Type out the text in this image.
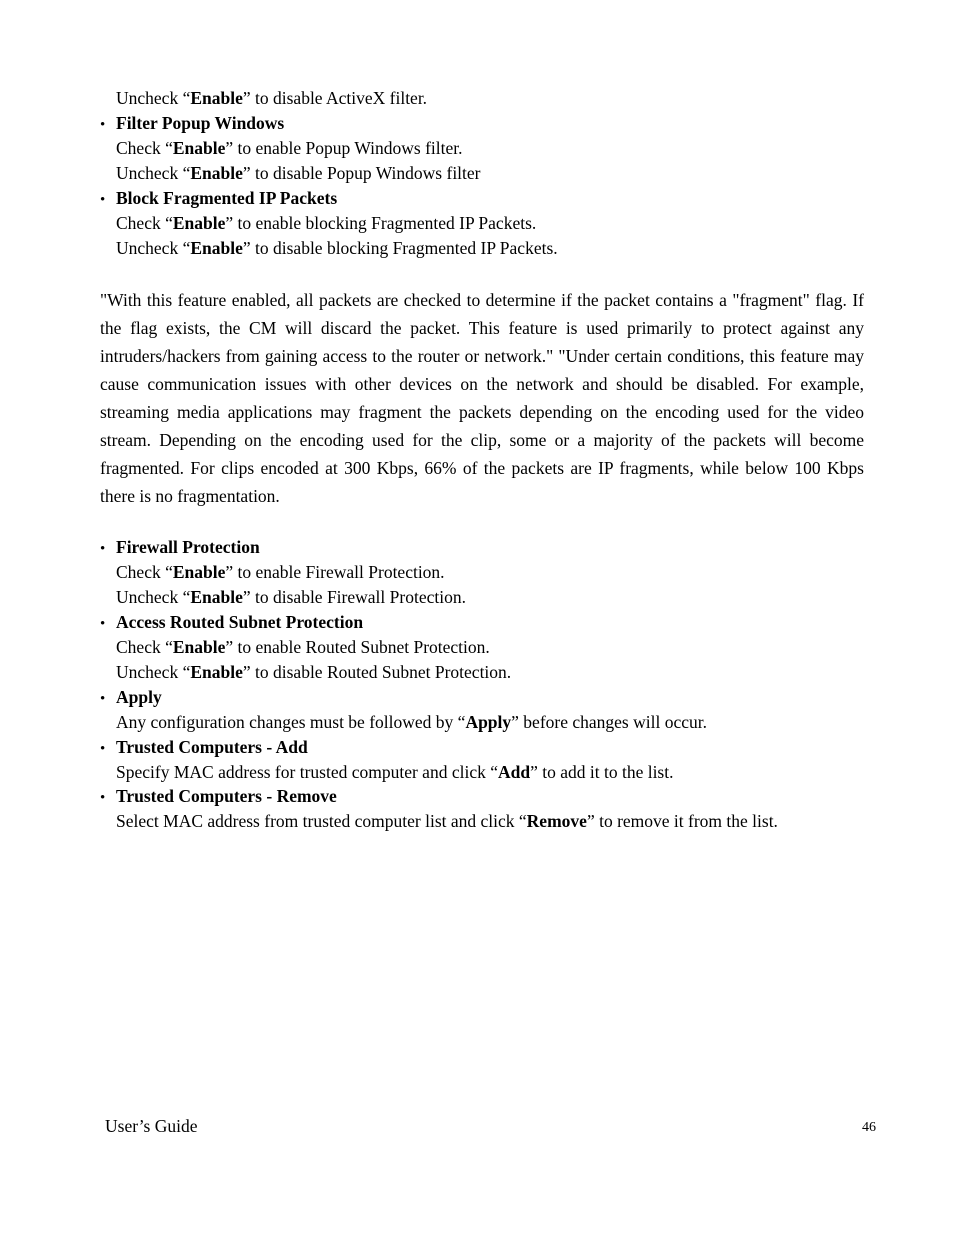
Uncheck “Enable” to disable ActiveX filter.
• Filter Popup Windows
Check “Enable” to enable Popup Windows filter.
Uncheck “Enable” to disable Popup Windows filter
• Block Fragmented IP Packets
Check “Enable” to enable blocking Fragmented IP Packets.
Uncheck “Enable” to disable blocking Fragmented IP Packets.
"With this feature enabled, all packets are checked to determine if the packet contains a "fragment" flag. If the flag exists, the CM will discard the packet. This feature is used primarily to protect against any intruders/hackers from gaining access to the router or network." "Under certain conditions, this feature may cause communication issues with other devices on the network and should be disabled. For example, streaming media applications may fragment the packets depending on the encoding used for the video stream. Depending on the encoding used for the clip, some or a majority of the packets will become fragmented. For clips encoded at 300 Kbps, 66% of the packets are IP fragments, while below 100 Kbps there is no fragmentation.
• Firewall Protection
Check “Enable” to enable Firewall Protection.
Uncheck “Enable” to disable Firewall Protection.
• Access Routed Subnet Protection
Check “Enable” to enable Routed Subnet Protection.
Uncheck “Enable” to disable Routed Subnet Protection.
• Apply
Any configuration changes must be followed by “Apply” before changes will occur.
• Trusted Computers - Add
Specify MAC address for trusted computer and click “Add” to add it to the list.
• Trusted Computers - Remove
Select MAC address from trusted computer list and click “Remove” to remove it from the list.
User’s Guide	46
